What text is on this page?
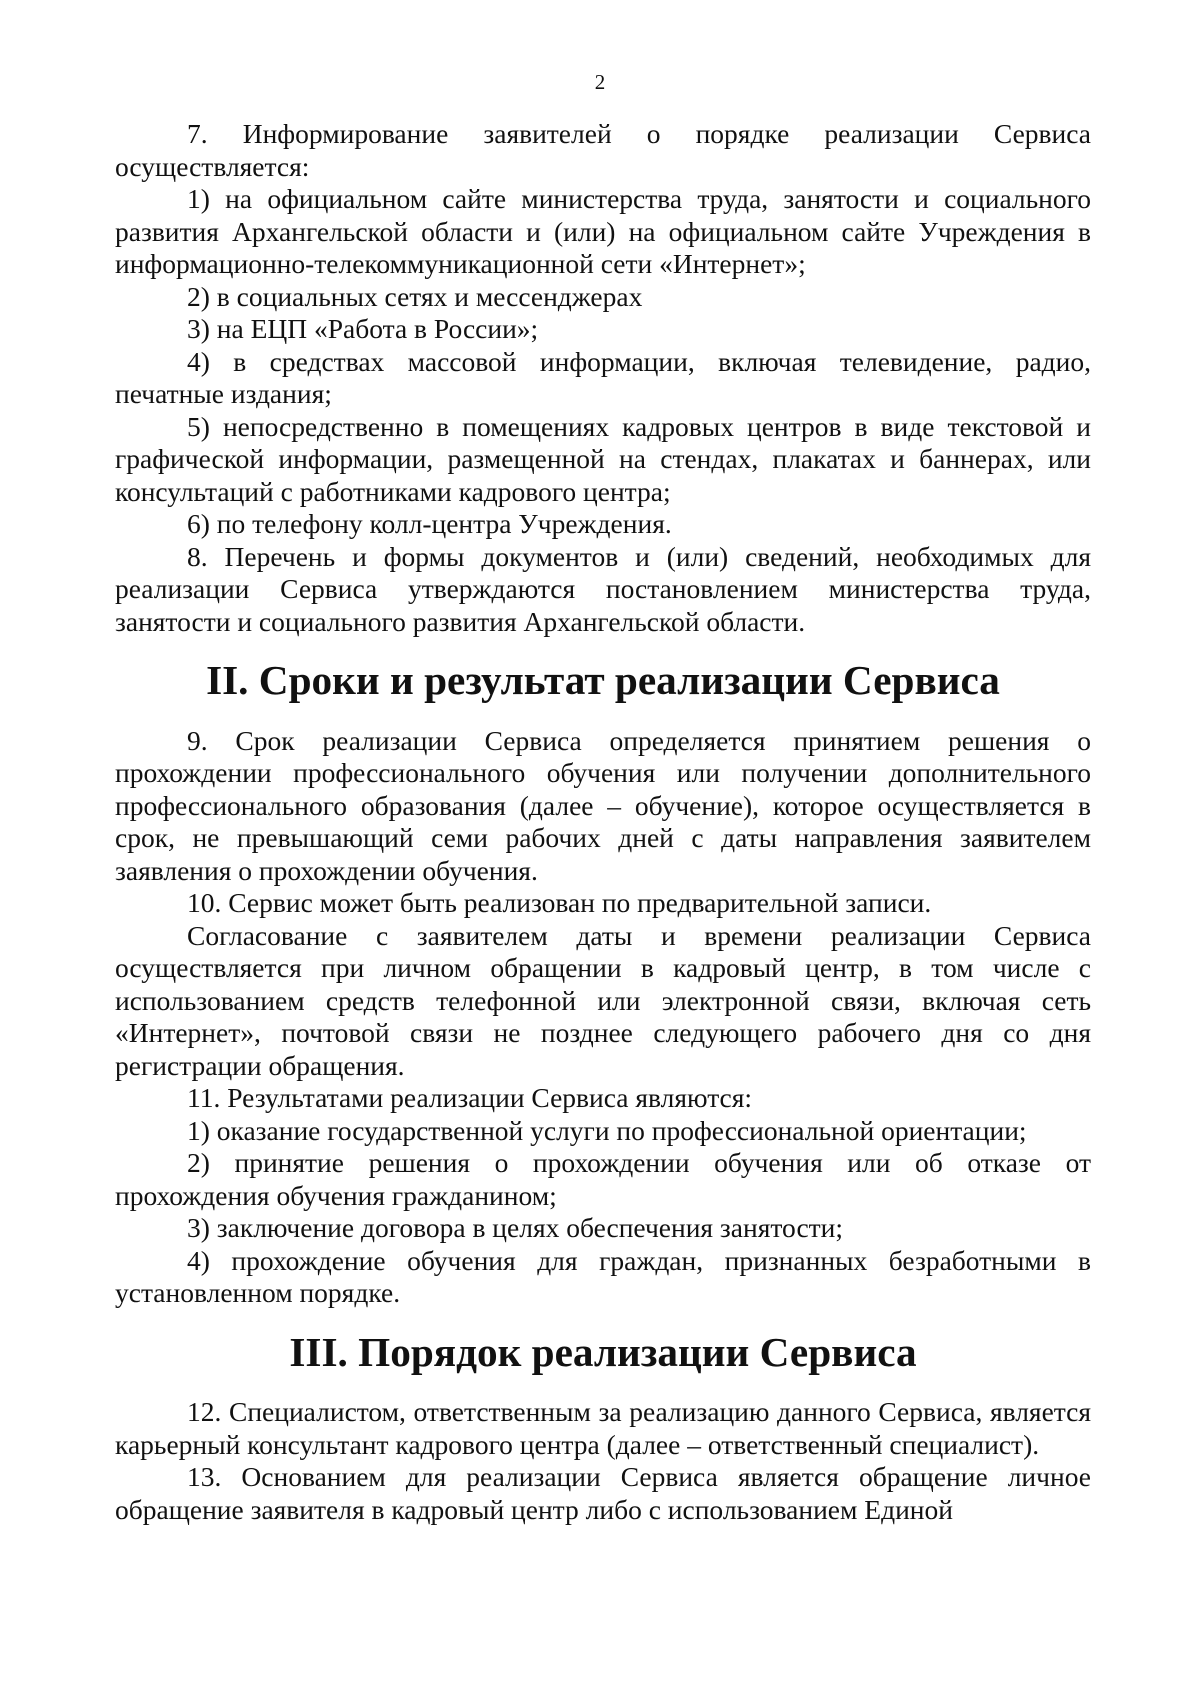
2

7. Информирование заявителей о порядке реализации Сервиса осуществляется:

1) на официальном сайте министерства труда, занятости и социального развития Архангельской области и (или) на официальном сайте Учреждения в информационно-телекоммуникационной сети «Интернет»;

2) в социальных сетях и мессенджерах

3) на ЕЦП «Работа в России»;

4) в средствах массовой информации, включая телевидение, радио, печатные издания;

5) непосредственно в помещениях кадровых центров в виде текстовой и графической информации, размещенной на стендах, плакатах и баннерах, или консультаций с работниками кадрового центра;

6) по телефону колл-центра Учреждения.

8. Перечень и формы документов и (или) сведений, необходимых для реализации Сервиса утверждаются постановлением министерства труда, занятости и социального развития Архангельской области.

II. Сроки и результат реализации Сервиса

9. Срок реализации Сервиса определяется принятием решения о прохождении профессионального обучения или получении дополнительного профессионального образования (далее – обучение), которое осуществляется в срок, не превышающий семи рабочих дней с даты направления заявителем заявления о прохождении обучения.

10. Сервис может быть реализован по предварительной записи.

Согласование с заявителем даты и времени реализации Сервиса осуществляется при личном обращении в кадровый центр, в том числе с использованием средств телефонной или электронной связи, включая сеть «Интернет», почтовой связи не позднее следующего рабочего дня со дня регистрации обращения.

11. Результатами реализации Сервиса являются:

1) оказание государственной услуги по профессиональной ориентации;

2) принятие решения о прохождении обучения или об отказе от прохождения обучения гражданином;

3) заключение договора в целях обеспечения занятости;

4) прохождение обучения для граждан, признанных безработными в установленном порядке.

III. Порядок реализации Сервиса

12. Специалистом, ответственным за реализацию данного Сервиса, является карьерный консультант кадрового центра (далее – ответственный специалист).

13. Основанием для реализации Сервиса является обращение личное обращение заявителя в кадровый центр либо с использованием Единой
